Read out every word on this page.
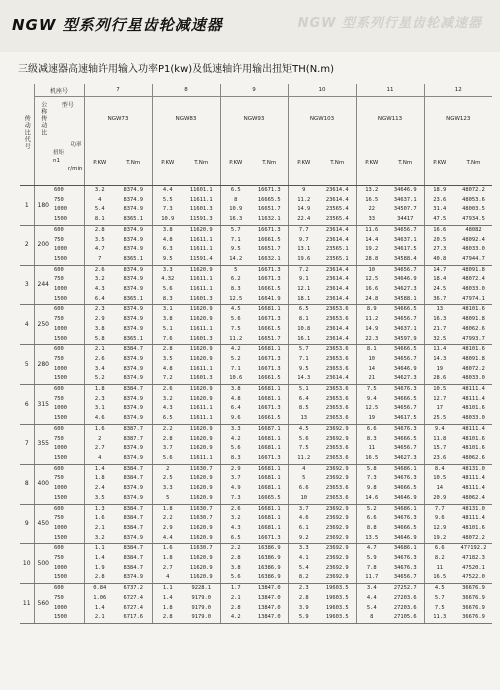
NGW 型系列行星齿轮减速器	NGW 型系列行星齿轮减速器
三级减速器高速轴许用输入功率P1(kw)及低速轴许用输出扭矩TH(N.m)
传动比代号	机座号		7		8		9		10		11		12	
	公称传动比	型号	NGW73		NGW83		NGW93		NGW103		NGW113		NGW123	

		功率
扭矩
n1
r/min	P.KW	T.Nm	P.KW	T.Nm	P.KW	T.Nm	P.KW	T.Nm	P.KW	T.Nm	P.KW	T.Nm
1	180	600	3.2	8374.9	4.4	11601.1	6.5	16671.3	9	23614.4	13.2	34646.9	18.9	48072.2
		750	4	8374.9	5.5	11611.1	8	16665.5	11.2	23614.4	16.5	34637.1	23.6	48053.6
		1000	5.4	8374.9	7.3	11601.3	10.9	16651.7	14.9	23565.4	22	34507.7	31.4	48003.5
		1500	8.1	8365.1	10.9	11591.3	16.3	11632.1	22.4	23565.4	33	34417	47.5	47934.5
2	200	600	2.8	8374.9	3.8	11620.9	5.7	16671.3	7.7	23614.4	11.6	34656.7	16.6	48082
		750	3.5	8374.9	4.8	11611.1	7.1	16661.5	9.7	23614.4	14.4	34637.1	20.5	48092.4
		1000	4.7	8374.9	6.3	11611.1	9.5	16651.7	13.1	23565.1	19.2	34617.5	27.3	48033.0
		1500	7	8365.1	9.5	11591.4	14.2	16632.1	19.6	23565.1	28.8	34588.4	40.8	47944.7
3	244	600	2.6	8374.9	3.3	11620.9	5	16671.3	7.2	23614.4	10	34656.7	14.7	48091.8
		750	3.2	8374.9	4.32	11611.1	6.2	16671.3	9.1	23614.4	12.5	34646.9	18.4	48072.4
		1000	4.3	8374.9	5.6	11611.1	8.3	16661.5	12.1	23614.4	16.6	34627.3	24.5	48033.0
		1500	6.4	8365.1	8.3	11601.3	12.5	16641.9	18.1	23614.4	24.8	34588.1	36.7	47974.1
4	250	600	2.3	8374.9	3.1	11620.9	4.5	16681.1	6.5	23653.6	8.9	34666.5	13	48101.6
		750	2.9	8374.9	3.8	11620.9	5.6	16671.3	8.1	23653.6	11.2	34656.7	16.3	48091.8
		1000	3.8	8374.9	5.1	11611.1	7.5	16661.5	10.8	23614.4	14.9	34637.1	21.7	48062.6
		1500	5.8	8365.1	7.6	11601.3	11.2	16651.7	16.1	23614.4	22.3	34597.9	32.5	47993.7
5	280	600	2.1	8384.7	2.8	11620.9	4.2	16681.1	5.7	23653.6	8.1	34666.5	11.4	48101.6
		750	2.6	8374.9	3.5	11620.9	5.2	16671.3	7.1	23653.6	10	34656.7	14.3	48091.8
		1000	3.4	8374.9	4.8	11611.1	7.1	16671.3	9.5	23653.6	14	34646.9	19	48072.2
		1500	5.2	8374.9	7.2	11601.3	10.6	16661.5	14.3	23614.4	21	34627.3	28.6	48033.0
6	315	600	1.8	8384.7	2.6	11620.9	3.8	16681.1	5.1	23653.6	7.5	34676.3	10.5	48111.4
		750	2.3	8374.9	3.2	11620.9	4.8	16681.1	6.4	23653.6	9.4	34666.5	12.7	48111.4
		1000	3.1	8374.9	4.3	11611.1	6.4	16671.3	8.5	23653.6	12.5	34656.7	17	48101.6
		1500	4.6	8374.9	6.5	11611.1	9.6	16661.5	13	23653.6	19	34617.5	25.5	48033.0
7	355	600	1.6	8387.7	2.2	11620.9	3.3	16687.1	4.5	23692.9	6.6	34676.3	9.4	48111.4
		750	2	8387.7	2.8	11620.9	4.2	16681.1	5.6	23692.9	8.3	34666.5	11.8	48101.6
		1000	2.7	8374.9	3.7	11620.9	5.6	16681.1	7.5	23653.6	11	34656.7	15.7	48101.6
		1500	4	8374.9	5.6	11611.1	8.3	16671.3	11.2	23653.6	16.5	34627.3	23.6	48062.6
8	400	600	1.4	8384.7	2	11630.7	2.9	16681.1	4	23692.9	5.8	34686.1	8.4	48131.0
		750	1.8	8384.7	2.5	11620.9	3.7	16681.1	5	23692.9	7.3	34676.3	10.5	48111.4
		1000	2.4	8374.9	3.3	11620.9	4.9	16681.1	6.6	23653.6	9.8	34666.5	14	48111.4
		1500	3.5	8374.9	5	11620.9	7.3	16665.5	10	23653.6	14.6	34646.9	20.9	48062.4
9	450	600	1.3	8384.7	1.8	11630.7	2.6	16681.1	3.7	23692.9	5.2	34686.1	7.7	48131.0
		750	1.6	8384.7	2.2	11630.7	3.2	16681.1	4.6	23692.9	6.6	34676.3	9.6	48111.4
		1000	2.1	8384.7	2.9	11620.9	4.3	16681.1	6.1	23692.9	8.8	34666.5	12.9	48101.6
		1500	3.2	8374.9	4.4	11620.9	6.5	16671.3	9.2	23692.9	13.5	34646.9	19.2	48072.2
10	500	600	1.1	8384.7	1.6	11630.7	2.2	16386.9	3.3	23692.9	4.7	34686.1	6.6	47?192.2
		750	1.4	8384.7	1.8	11620.9	2.8	16386.9	4.1	23692.9	5.9	34676.3	8.2	47182.3
		1000	1.9	8384.7	2.7	11620.9	3.8	16386.9	5.4	23692.9	7.8	34676.3	11	47520.1
		1500	2.8	8374.9	4	11620.9	5.6	16386.9	8.2	23692.9	11.7	34656.7	16.5	47522.0
11	560	600	0.84	6737.2	1.1	9228.1	1.7	13847.0	2.3	19603.5	3.4	27252.7	4.5	36676.9
		750	1.06	6727.4	1.4	9179.0	2.1	13847.0	2.8	19603.5	4.4	27203.6	5.7	36676.9
		1000	1.4	6727.4	1.8	9179.0	2.8	13847.0	3.9	19603.5	5.4	27203.6	7.5	36676.9
		1500	2.1	6717.6	2.8	9179.0	4.2	13847.0	5.9	19603.5	8	27105.6	11.3	36676.9
